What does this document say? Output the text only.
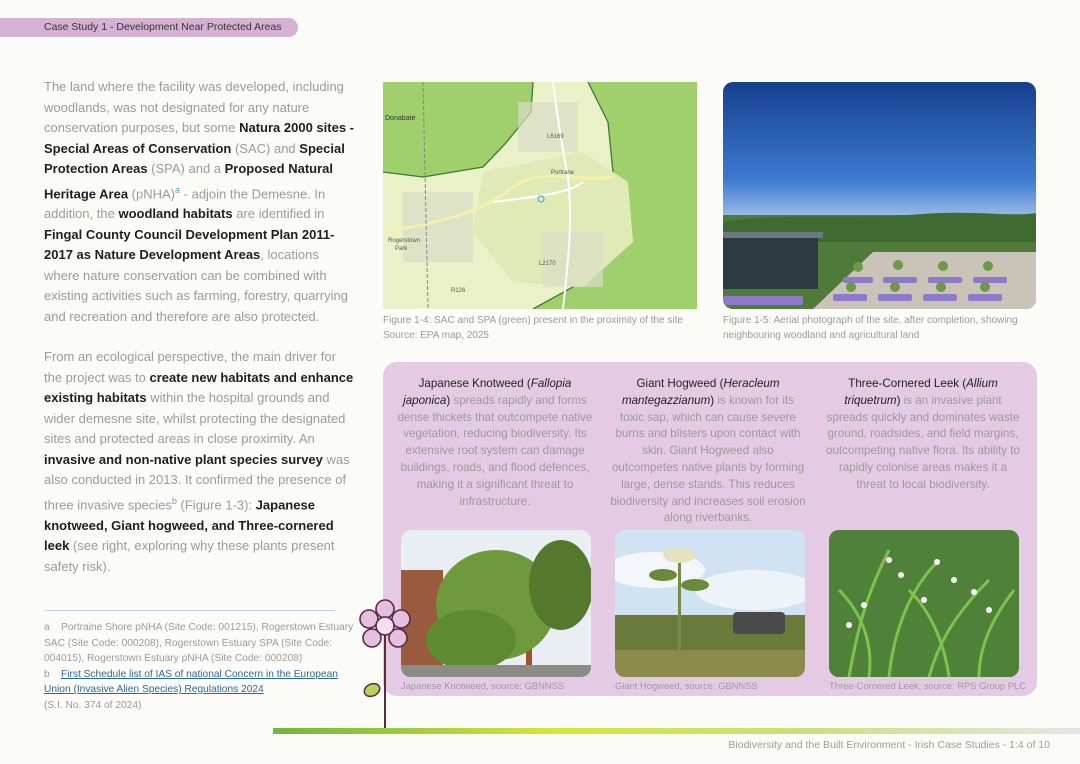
Case Study 1 - Development Near Protected Areas

The land where the facility was developed, including woodlands, was not designated for any nature conservation purposes, but some Natura 2000 sites - Special Areas of Conservation (SAC) and Special Protection Areas (SPA) and a Proposed Natural Heritage Area (pNHA)$^a$ - adjoin the Demesne. In addition, the woodland habitats are identified in Fingal County Council Development Plan 2011-2017 as Nature Development Areas, locations where nature conservation can be combined with existing activities such as farming, forestry, quarrying and recreation and therefore are also protected.

From an ecological perspective, the main driver for the project was to create new habitats and enhance existing habitats within the hospital grounds and wider demesne site, whilst protecting the designated sites and protected areas in close proximity. An invasive and non-native plant species survey was also conducted in 2013. It confirmed the presence of three invasive species$^b$ (Figure 1-3): Japanese knotweed, Giant hogweed, and Three-cornered leek (see right, exploring why these plants present safety risk).

a Portraine Shore pNHA (Site Code: 001215), Rogerstown Estuary SAC (Site Code: 000208), Rogerstown Estuary SPA (Site Code: 004015), Rogerstown Estuary pNHA (Site Code: 000208)
b First Schedule list of IAS of national Concern in the European Union (Invasive Alien Species) Regulations 2024
(S.I. No. 374 of 2024)
Rogerstown
Park
L6169
Portrane
Donabate
L2170
R126
Figure 1-4: SAC and SPA (green) present in the proximity of the site
Source: EPA map, 2025
Figure 1-5: Aerial photograph of the site, after completion, showing
neighbouring woodland and agricultural land
Japanese Knotweed (Fallopia japonica) spreads rapidly and forms dense thickets that outcompete native vegetation, reducing biodiversity. Its extensive root system can damage buildings, roads, and flood defences, making it a significant threat to infrastructure.
Giant Hogweed (Heracleum mantegazzianum) is known for its toxic sap, which can cause severe burns and blisters upon contact with skin. Giant Hogweed also outcompetes native plants by forming large, dense stands. This reduces biodiversity and increases soil erosion along riverbanks.
Three-Cornered Leek (Allium triquetrum) is an invasive plant spreads quickly and dominates waste ground, roadsides, and field margins, outcompeting native flora. Its ability to rapidly colonise areas makes it a threat to local biodiversity.
Japanese Knotweed, source: GBNNSS	Giant Hogweed, source: GBNNSS	Three-Cornered Leek, source: RPS Group PLC
Biodiversity and the Built Environment - Irish Case Studies - 1:4 of 10
